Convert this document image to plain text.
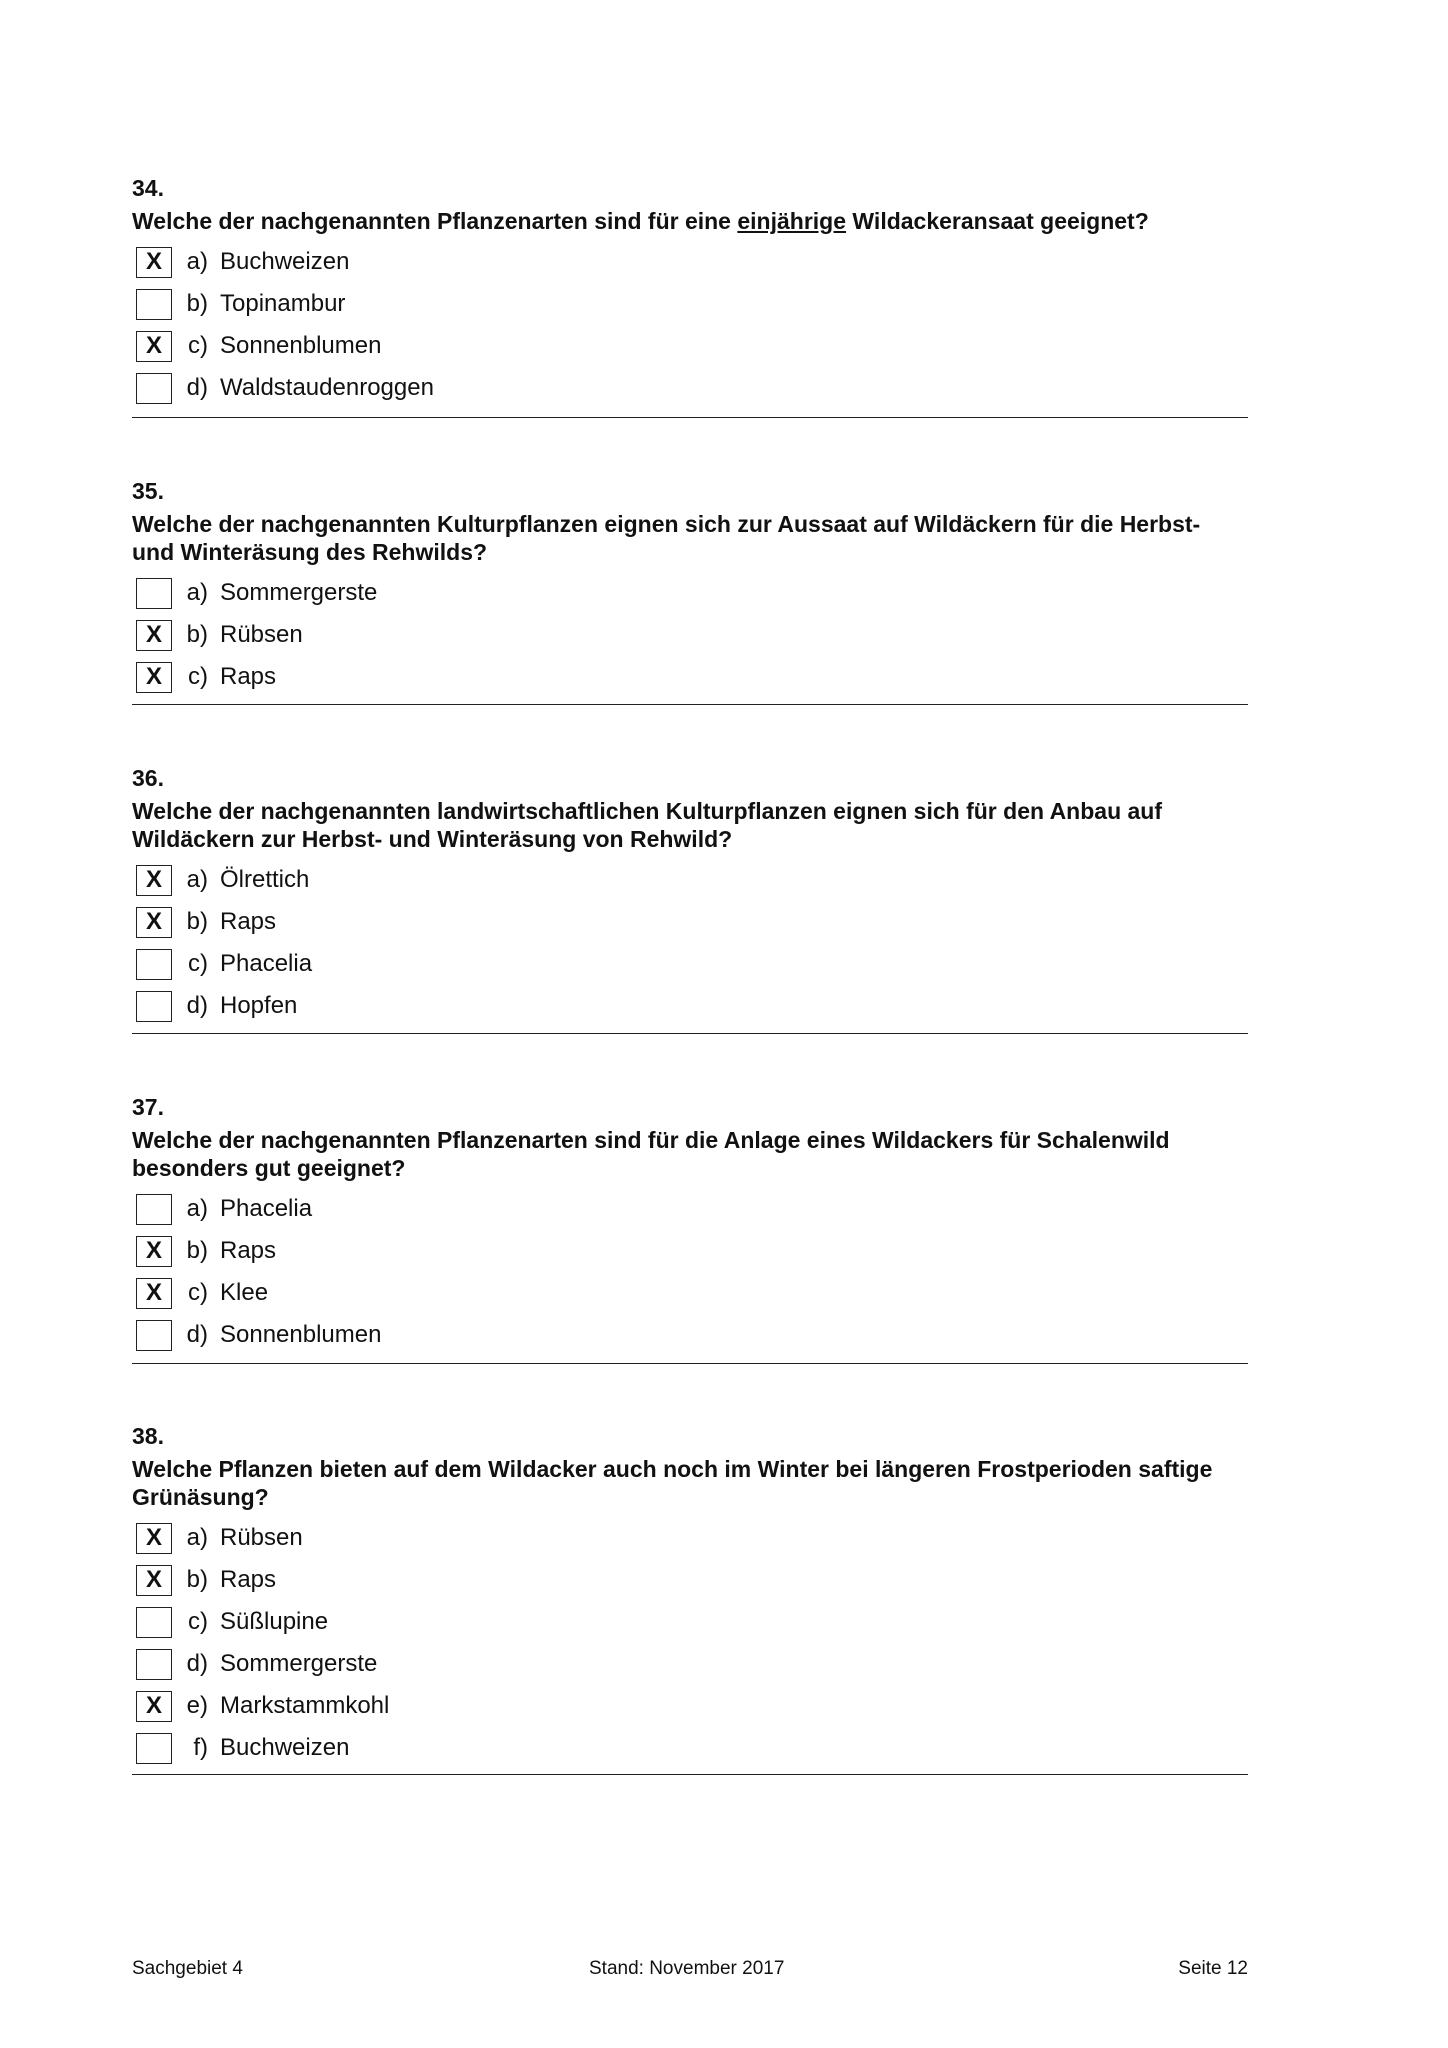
34.
Welche der nachgenannten Pflanzenarten sind für eine einjährige Wildackeransaat geeignet?
X	a) Buchweizen
b) Topinambur
X	c) Sonnenblumen
d) Waldstaudenroggen
35.
Welche der nachgenannten Kulturpflanzen eignen sich zur Aussaat auf Wildäckern für die Herbst- und Winteräsung des Rehwilds?
a) Sommergerste
X	b) Rübsen
X	c) Raps
36.
Welche der nachgenannten landwirtschaftlichen Kulturpflanzen eignen sich für den Anbau auf Wildäckern zur Herbst- und Winteräsung von Rehwild?
X	a) Ölrettich
X	b) Raps
c) Phacelia
d) Hopfen
37.
Welche der nachgenannten Pflanzenarten sind für die Anlage eines Wildackers für Schalenwild besonders gut geeignet?
a) Phacelia
X	b) Raps
X	c) Klee
d) Sonnenblumen
38.
Welche Pflanzen bieten auf dem Wildacker auch noch im Winter bei längeren Frostperioden saftige Grünäsung?
X	a) Rübsen
X	b) Raps
c) Süßlupine
d) Sommergerste
X	e) Markstammkohl
f) Buchweizen
Sachgebiet 4	Stand: November 2017	Seite 12
